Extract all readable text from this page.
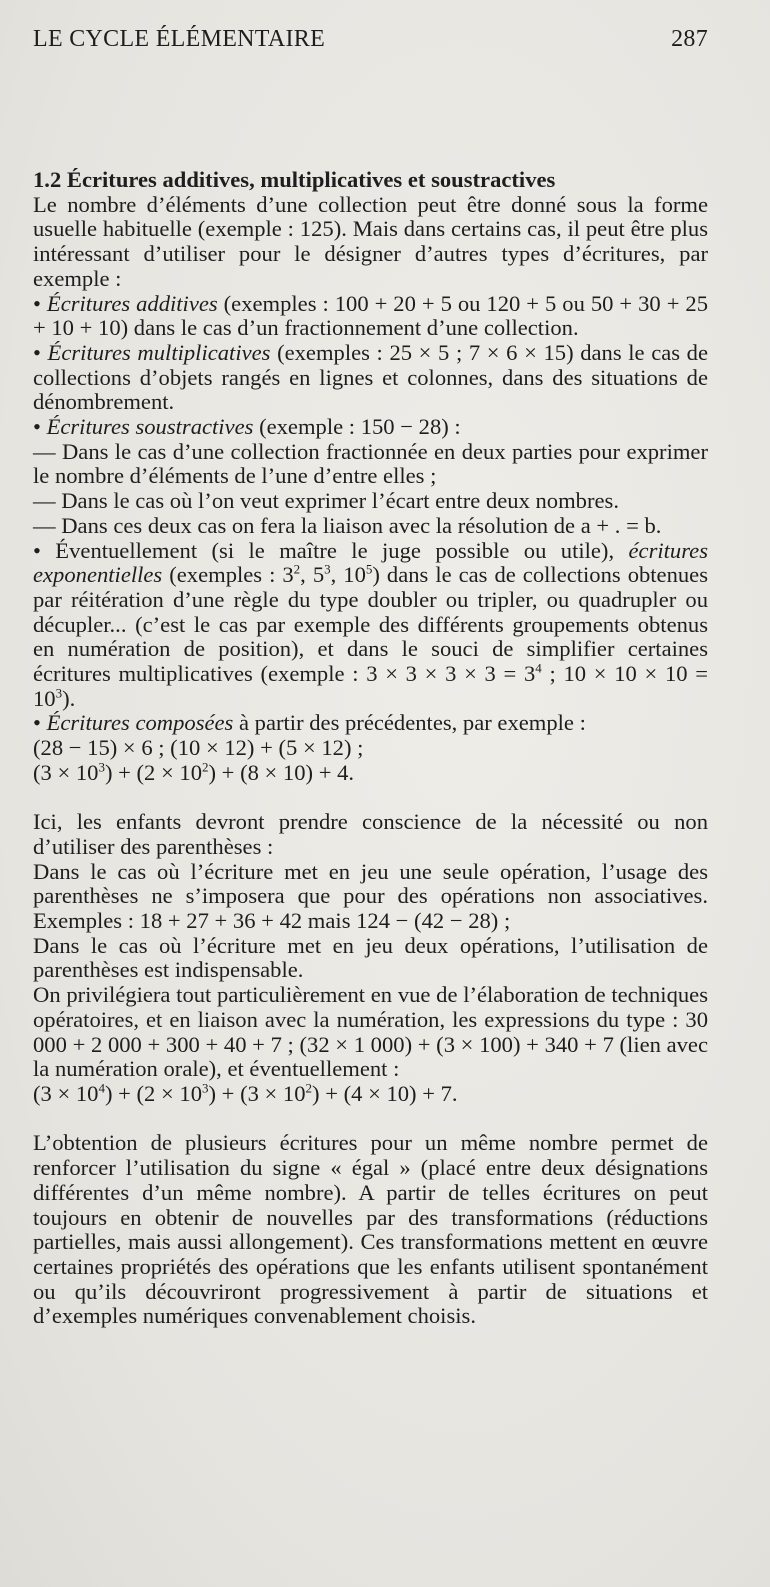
LE CYCLE ÉLÉMENTAIRE	287

1.2 Écritures additives, multiplicatives et soustractives

Le nombre d’éléments d’une collection peut être donné sous la forme usuelle habituelle (exemple : 125). Mais dans certains cas, il peut être plus intéressant d’utiliser pour le désigner d’autres types d’écritures, par exemple :

• Écritures additives (exemples : 100 + 20 + 5 ou 120 + 5 ou 50 + 30 + 25 + 10 + 10) dans le cas d’un fractionnement d’une collection.

• Écritures multiplicatives (exemples : 25 × 5 ; 7 × 6 × 15) dans le cas de collections d’objets rangés en lignes et colonnes, dans des situations de dénombrement.

• Écritures soustractives (exemple : 150 − 28) :

— Dans le cas d’une collection fractionnée en deux parties pour exprimer le nombre d’éléments de l’une d’entre elles ;

— Dans le cas où l’on veut exprimer l’écart entre deux nombres.

— Dans ces deux cas on fera la liaison avec la résolution de a + . = b.

• Éventuellement (si le maître le juge possible ou utile), écritures exponentielles (exemples : $3^2$, $5^3$, $10^5$) dans le cas de collections obtenues par réitération d’une règle du type doubler ou tripler, ou quadrupler ou décupler... (c’est le cas par exemple des différents groupements obtenus en numération de position), et dans le souci de simplifier certaines écritures multiplicatives (exemple : $3 \times 3 \times 3 \times 3 = 3^4$ ; $10 \times 10 \times 10 = 10^3$).

• Écritures composées à partir des précédentes, par exemple :

(28 − 15) × 6 ; (10 × 12) + (5 × 12) ;

$(3 \times 10^3) + (2 \times 10^2) + (8 \times 10) + 4$.

Ici, les enfants devront prendre conscience de la nécessité ou non d’utiliser des parenthèses :

Dans le cas où l’écriture met en jeu une seule opération, l’usage des parenthèses ne s’imposera que pour des opérations non associatives. Exemples : 18 + 27 + 36 + 42 mais 124 − (42 − 28) ;

Dans le cas où l’écriture met en jeu deux opérations, l’utilisation de parenthèses est indispensable.

On privilégiera tout particulièrement en vue de l’élaboration de techniques opératoires, et en liaison avec la numération, les expressions du type : 30 000 + 2 000 + 300 + 40 + 7 ; (32 × 1 000) + (3 × 100) + 340 + 7 (lien avec la numération orale), et éventuellement :

$(3 \times 10^4) + (2 \times 10^3) + (3 \times 10^2) + (4 \times 10) + 7$.

L’obtention de plusieurs écritures pour un même nombre permet de renforcer l’utilisation du signe « égal » (placé entre deux désignations différentes d’un même nombre). A partir de telles écritures on peut toujours en obtenir de nouvelles par des transformations (réductions partielles, mais aussi allongement). Ces transformations mettent en œuvre certaines propriétés des opérations que les enfants utilisent spontanément ou qu’ils découvriront progressivement à partir de situations et d’exemples numériques convenablement choisis.
